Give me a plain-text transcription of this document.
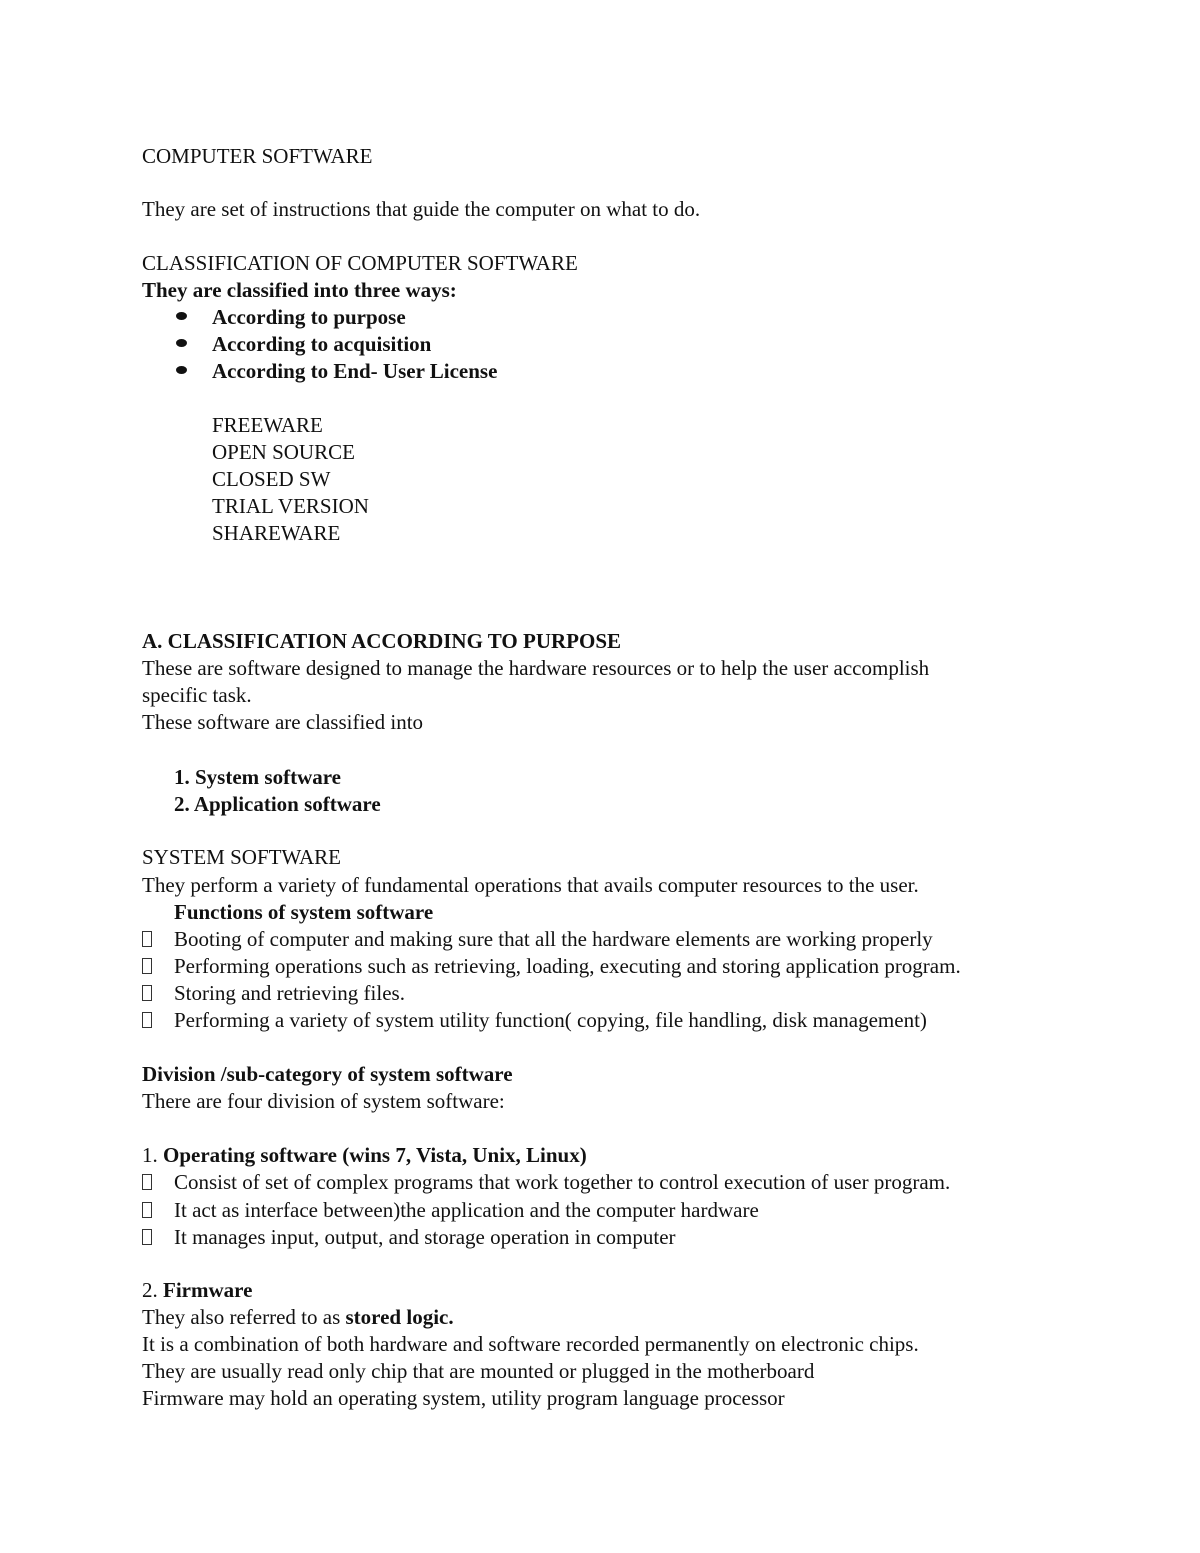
COMPUTER SOFTWARE
They are set of instructions that guide the computer on what to do.
CLASSIFICATION OF COMPUTER SOFTWARE
They are classified into three ways:
According to purpose
According to acquisition
According to End- User License
FREEWARE
OPEN SOURCE
CLOSED SW
TRIAL VERSION
SHAREWARE
A. CLASSIFICATION ACCORDING TO PURPOSE
These are software designed to manage the hardware resources or to help the user accomplish
specific task.
These software are classified into
1. System software
2. Application software
SYSTEM SOFTWARE
They perform a variety of fundamental operations that avails computer resources to the user.
Functions of system software
Booting of computer and making sure that all the hardware elements are working properly
Performing operations such as retrieving, loading, executing and storing application program.
Storing and retrieving files.
Performing a variety of system utility function( copying, file handling, disk management)
Division /sub-category of system software
There are four division of system software:
1. Operating software (wins 7, Vista, Unix, Linux)
Consist of set of complex programs that work together to control execution of user program.
It act as interface between)the application and the computer hardware
It manages input, output, and storage operation in computer
2. Firmware
They also referred to as stored logic.
It is a combination of both hardware and software recorded permanently on electronic chips.
They are usually read only chip that are mounted or plugged in the motherboard
Firmware may hold an operating system, utility program language processor
